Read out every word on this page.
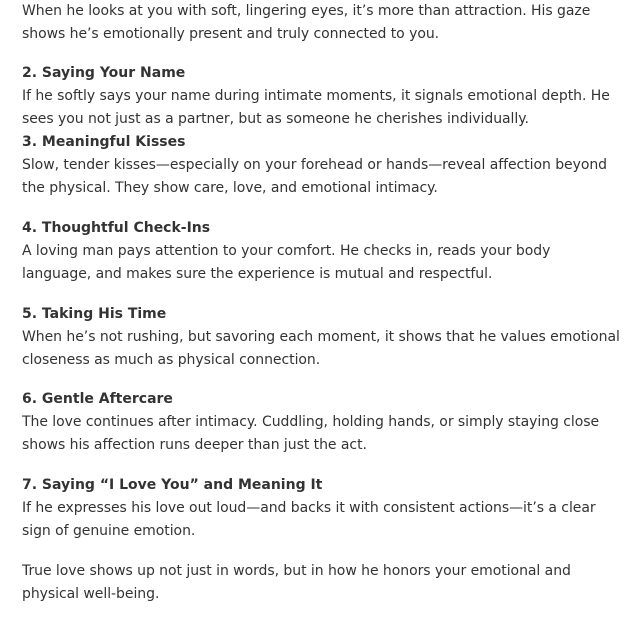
When he looks at you with soft, lingering eyes, it’s more than attraction. His gaze shows he’s emotionally present and truly connected to you.

2. Saying Your Name

If he softly says your name during intimate moments, it signals emotional depth. He sees you not just as a partner, but as someone he cherishes individually.

3. Meaningful Kisses

Slow, tender kisses—especially on your forehead or hands—reveal affection beyond the physical. They show care, love, and emotional intimacy.

4. Thoughtful Check-Ins

A loving man pays attention to your comfort. He checks in, reads your body language, and makes sure the experience is mutual and respectful.

5. Taking His Time

When he’s not rushing, but savoring each moment, it shows that he values emotional closeness as much as physical connection.

6. Gentle Aftercare

The love continues after intimacy. Cuddling, holding hands, or simply staying close shows his affection runs deeper than just the act.

7. Saying “I Love You” and Meaning It

If he expresses his love out loud—and backs it with consistent actions—it’s a clear sign of genuine emotion.

True love shows up not just in words, but in how he honors your emotional and physical well-being.
